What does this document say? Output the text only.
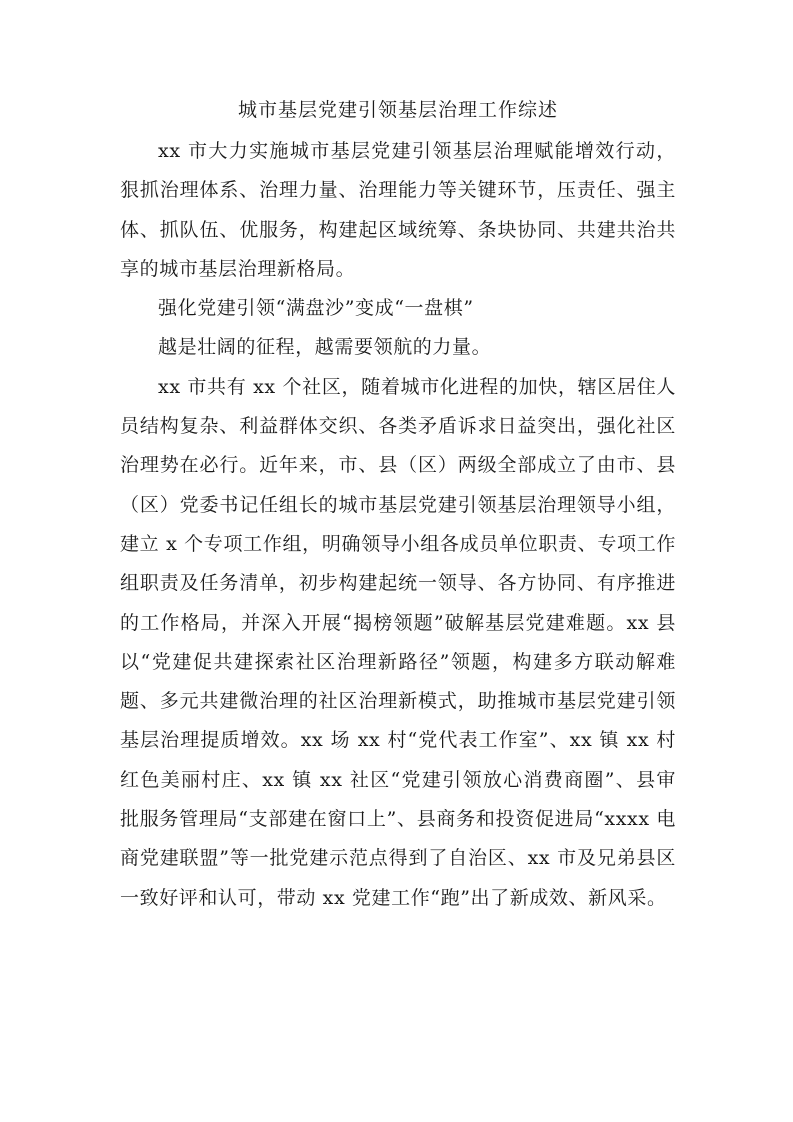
城市基层党建引领基层治理工作综述

xx 市大力实施城市基层党建引领基层治理赋能增效行动，狠抓治理体系、治理力量、治理能力等关键环节，压责任、强主体、抓队伍、优服务，构建起区域统筹、条块协同、共建共治共享的城市基层治理新格局。

强化党建引领“满盘沙”变成“一盘棋”

越是壮阔的征程，越需要领航的力量。

xx 市共有 xx 个社区，随着城市化进程的加快，辖区居住人员结构复杂、利益群体交织、各类矛盾诉求日益突出，强化社区治理势在必行。近年来，市、县（区）两级全部成立了由市、县（区）党委书记任组长的城市基层党建引领基层治理领导小组，建立 x 个专项工作组，明确领导小组各成员单位职责、专项工作组职责及任务清单，初步构建起统一领导、各方协同、有序推进的工作格局，并深入开展“揭榜领题”破解基层党建难题。xx 县以“党建促共建探索社区治理新路径”领题，构建多方联动解难题、多元共建微治理的社区治理新模式，助推城市基层党建引领基层治理提质增效。xx 场 xx 村“党代表工作室”、xx 镇 xx 村红色美丽村庄、xx 镇 xx 社区“党建引领放心消费商圈”、县审批服务管理局“支部建在窗口上”、县商务和投资促进局“xxxx 电商党建联盟”等一批党建示范点得到了自治区、xx 市及兄弟县区一致好评和认可，带动 xx 党建工作“跑”出了新成效、新风采。
